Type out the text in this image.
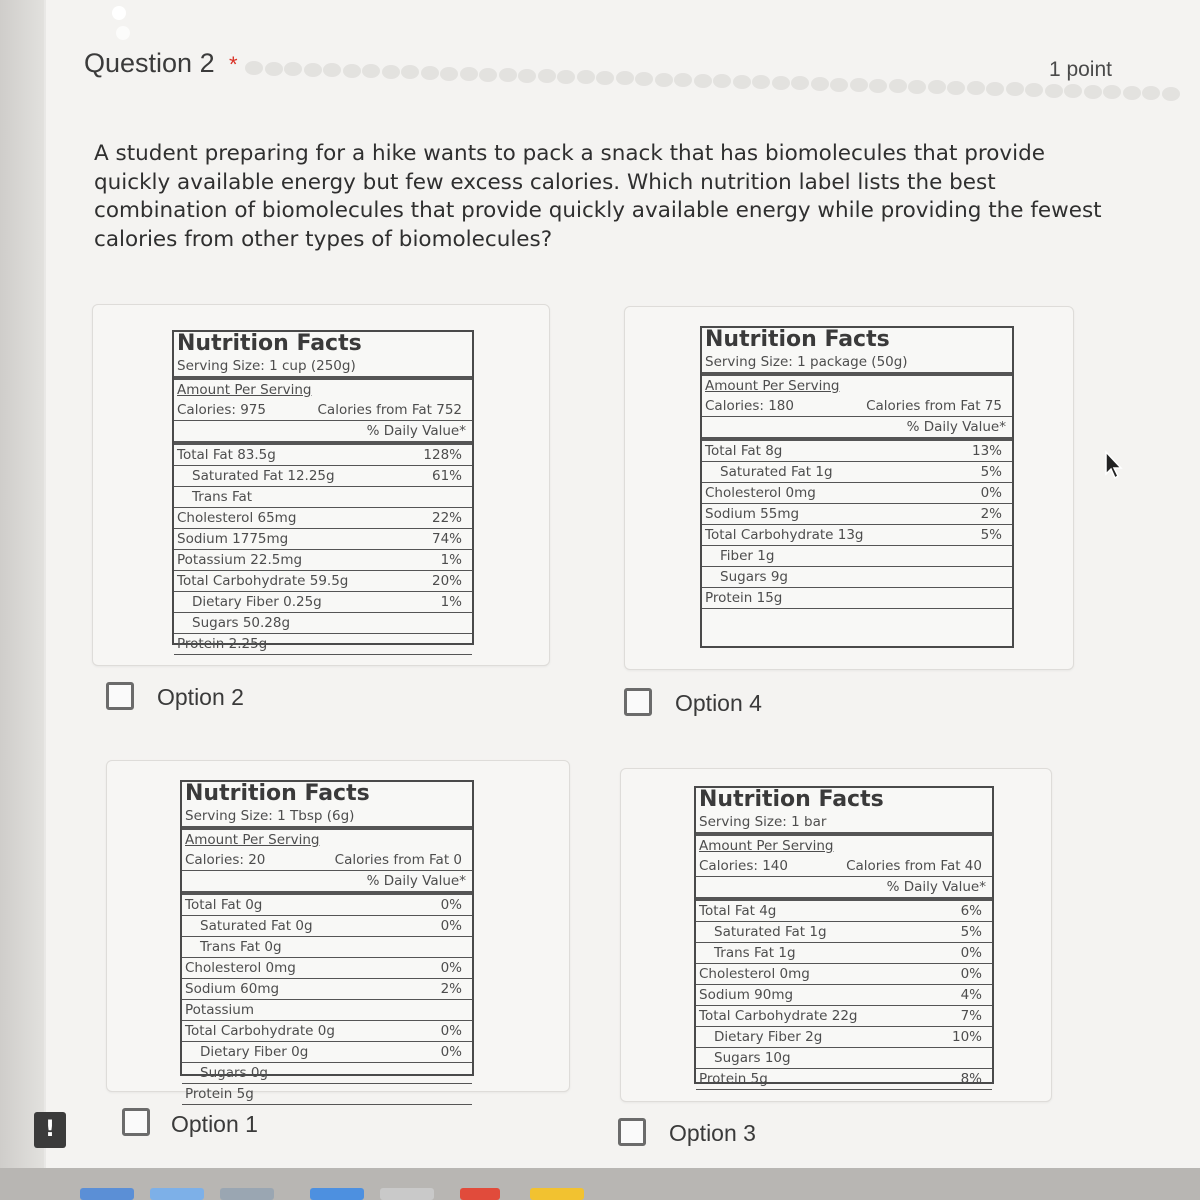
Question 2 *	1 point
A student preparing for a hike wants to pack a snack that has biomolecules that provide quickly available energy but few excess calories. Which nutrition label lists the best combination of biomolecules that provide quickly available energy while providing the fewest calories from other types of biomolecules?
Nutrition Facts
Serving Size: 1 cup (250g)
Amount Per Serving
Calories: 975	Calories from Fat 752
% Daily Value*
Total Fat 83.5g	128%
Saturated Fat 12.25g	61%
Trans Fat
Cholesterol 65mg	22%
Sodium 1775mg	74%
Potassium 22.5mg	1%
Total Carbohydrate 59.5g	20%
Dietary Fiber 0.25g	1%
Sugars 50.28g
Protein 2.25g
Nutrition Facts
Serving Size: 1 package (50g)
Amount Per Serving
Calories: 180	Calories from Fat 75
% Daily Value*
Total Fat 8g	13%
Saturated Fat 1g	5%
Cholesterol 0mg	0%
Sodium 55mg	2%
Total Carbohydrate 13g	5%
Fiber 1g
Sugars 9g
Protein 15g
Nutrition Facts
Serving Size: 1 Tbsp (6g)
Amount Per Serving
Calories: 20	Calories from Fat 0
% Daily Value*
Total Fat 0g	0%
Saturated Fat 0g	0%
Trans Fat 0g
Cholesterol 0mg	0%
Sodium 60mg	2%
Potassium
Total Carbohydrate 0g	0%
Dietary Fiber 0g	0%
Sugars 0g
Protein 5g
Nutrition Facts
Serving Size: 1 bar
Amount Per Serving
Calories: 140	Calories from Fat 40
% Daily Value*
Total Fat 4g	6%
Saturated Fat 1g	5%
Trans Fat 1g	0%
Cholesterol 0mg	0%
Sodium 90mg	4%
Total Carbohydrate 22g	7%
Dietary Fiber 2g	10%
Sugars 10g
Protein 5g	8%
Option 2	Option 4
Option 1	Option 3
!
